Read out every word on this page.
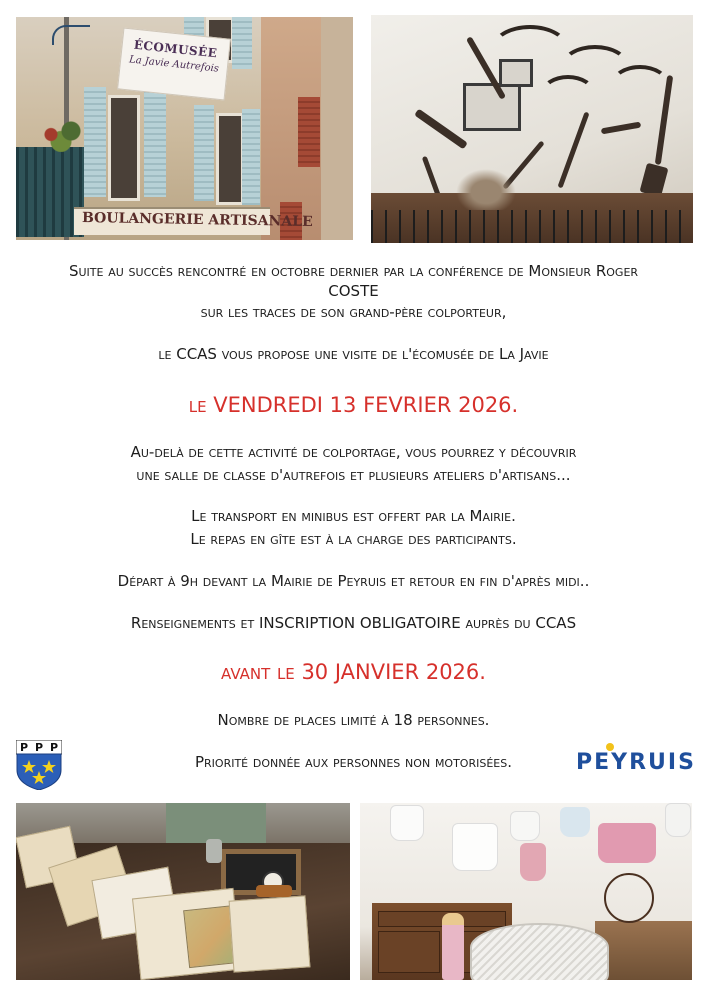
ÉCOMUSÉE
La Javie Autrefois
BOULANGERIE ARTISANALE
Suite au succès rencontré en octobre dernier par la conférence de Monsieur Roger
COSTE
sur les traces de son grand-père colporteur,
le CCAS vous propose une visite de l'écomusée de La Javie
le VENDREDI 13 FEVRIER 2026.
Au-delà de cette activité de colportage, vous pourrez y découvrir
une salle de classe d'autrefois et plusieurs ateliers d'artisans...
Le transport en minibus est offert par la Mairie.
Le repas en gîte est à la charge des participants.
Départ à 9h devant la Mairie de Peyruis et retour en fin d'après midi..
Renseignements et INSCRIPTION OBLIGATOIRE auprès du CCAS
avant le 30 JANVIER 2026.
Nombre de places limité à 18 personnes.
Priorité donnée aux personnes non motorisées.
P P P
PEYRUIS
